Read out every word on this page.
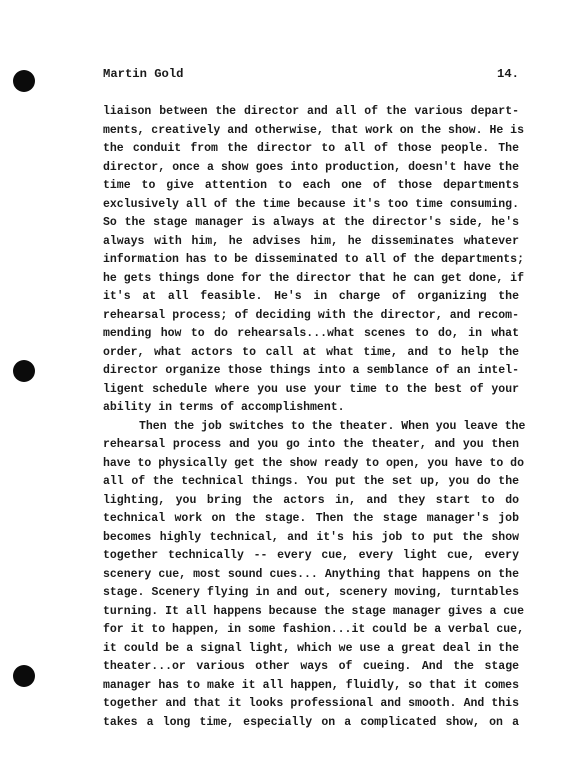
Martin Gold	14.
liaison between the director and all of the various depart-
ments, creatively and otherwise, that work on the show. He is
the conduit from the director to all of those people. The
director, once a show goes into production, doesn't have the
time to give attention to each one of those departments
exclusively all of the time because it's too time consuming.
So the stage manager is always at the director's side, he's
always with him, he advises him, he disseminates whatever
information has to be disseminated to all of the departments;
he gets things done for the director that he can get done, if
it's at all feasible. He's in charge of organizing the
rehearsal process; of deciding with the director, and recom-
mending how to do rehearsals...what scenes to do, in what
order, what actors to call at what time, and to help the
director organize those things into a semblance of an intel-
ligent schedule where you use your time to the best of your
ability in terms of accomplishment.
Then the job switches to the theater. When you leave the
rehearsal process and you go into the theater, and you then
have to physically get the show ready to open, you have to do
all of the technical things. You put the set up, you do the
lighting, you bring the actors in, and they start to do
technical work on the stage. Then the stage manager's job
becomes highly technical, and it's his job to put the show
together technically -- every cue, every light cue, every
scenery cue, most sound cues... Anything that happens on the
stage. Scenery flying in and out, scenery moving, turntables
turning. It all happens because the stage manager gives a cue
for it to happen, in some fashion...it could be a verbal cue,
it could be a signal light, which we use a great deal in the
theater...or various other ways of cueing. And the stage
manager has to make it all happen, fluidly, so that it comes
together and that it looks professional and smooth. And this
takes a long time, especially on a complicated show, on a
